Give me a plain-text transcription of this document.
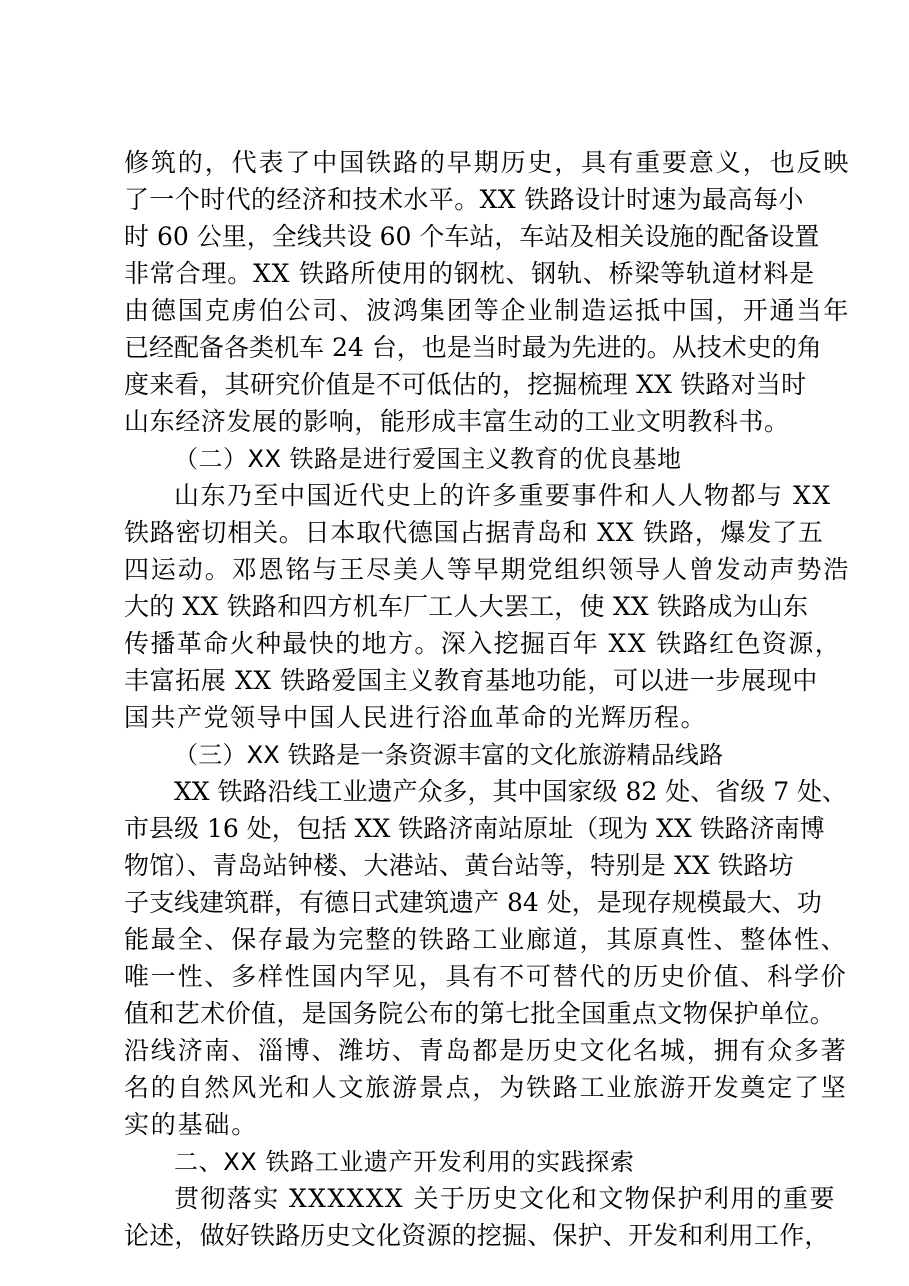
修筑的，代表了中国铁路的早期历史，具有重要意义，也反映
了一个时代的经济和技术水平。XX 铁路设计时速为最高每小
时 60 公里，全线共设 60 个车站，车站及相关设施的配备设置
非常合理。XX 铁路所使用的钢枕、钢轨、桥梁等轨道材料是
由德国克虏伯公司、波鸿集团等企业制造运抵中国，开通当年
已经配备各类机车 24 台，也是当时最为先进的。从技术史的角
度来看，其研究价值是不可低估的，挖掘梳理 XX 铁路对当时
山东经济发展的影响，能形成丰富生动的工业文明教科书。
（二）XX 铁路是进行爱国主义教育的优良基地
山东乃至中国近代史上的许多重要事件和人人物都与 XX
铁路密切相关。日本取代德国占据青岛和 XX 铁路，爆发了五
四运动。邓恩铭与王尽美人等早期党组织领导人曾发动声势浩
大的 XX 铁路和四方机车厂工人大罢工，使 XX 铁路成为山东
传播革命火种最快的地方。深入挖掘百年 XX 铁路红色资源，
丰富拓展 XX 铁路爱国主义教育基地功能，可以进一步展现中
国共产党领导中国人民进行浴血革命的光辉历程。
（三）XX 铁路是一条资源丰富的文化旅游精品线路
XX 铁路沿线工业遗产众多，其中国家级 82 处、省级 7 处、
市县级 16 处，包括 XX 铁路济南站原址（现为 XX 铁路济南博
物馆）、青岛站钟楼、大港站、黄台站等，特别是 XX 铁路坊
子支线建筑群，有德日式建筑遗产 84 处，是现存规模最大、功
能最全、保存最为完整的铁路工业廊道，其原真性、整体性、
唯一性、多样性国内罕见，具有不可替代的历史价值、科学价
值和艺术价值，是国务院公布的第七批全国重点文物保护单位。
沿线济南、淄博、潍坊、青岛都是历史文化名城，拥有众多著
名的自然风光和人文旅游景点，为铁路工业旅游开发奠定了坚
实的基础。
二、XX 铁路工业遗产开发利用的实践探索
贯彻落实 XXXXXX 关于历史文化和文物保护利用的重要
论述，做好铁路历史文化资源的挖掘、保护、开发和利用工作，
